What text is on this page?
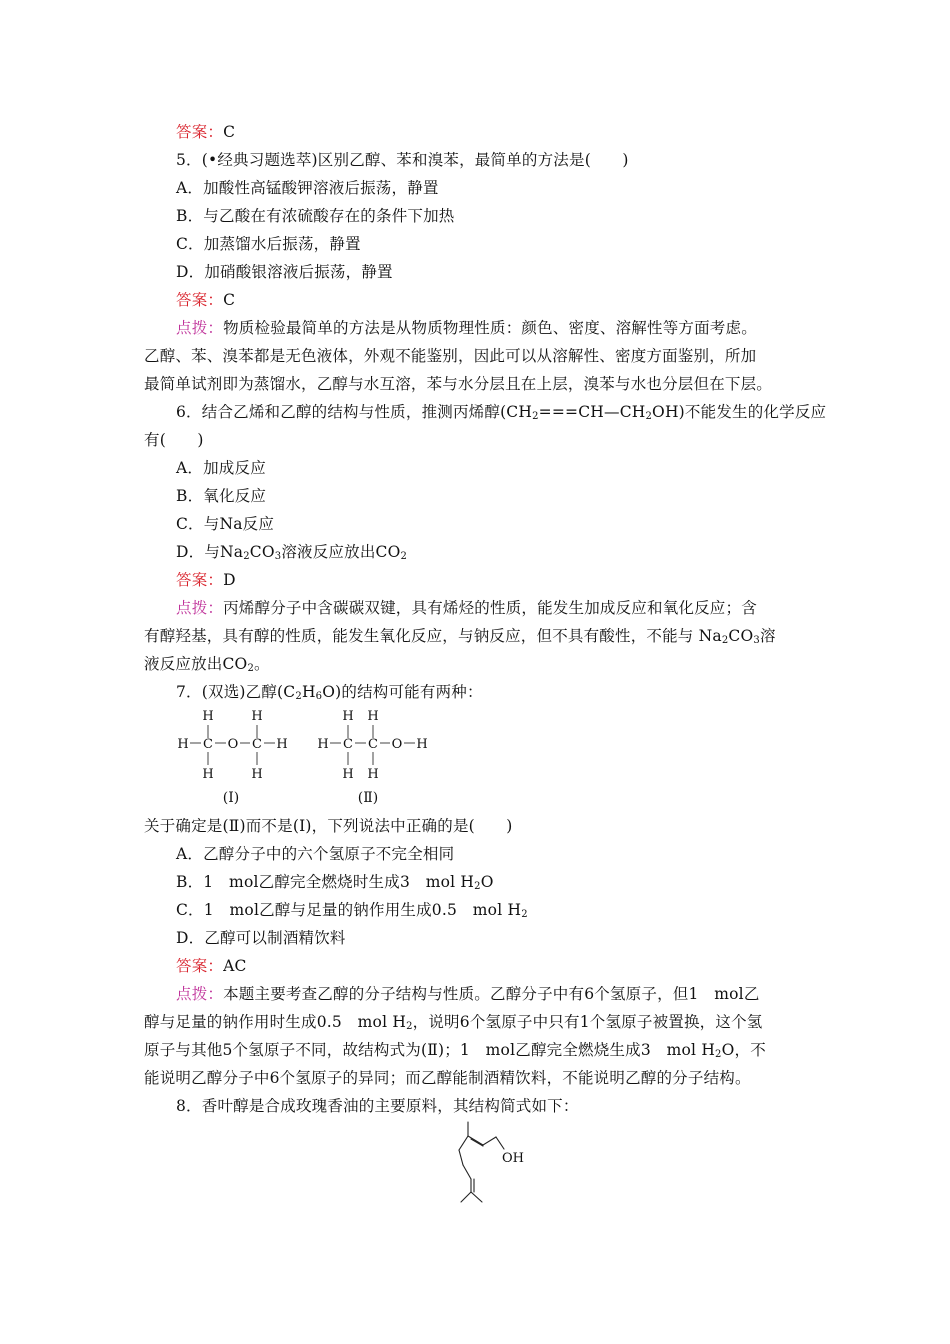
答案：C
5．(•经典习题选萃)区别乙醇、苯和溴苯，最简单的方法是(　　)
A．加酸性高锰酸钾溶液后振荡，静置
B．与乙酸在有浓硫酸存在的条件下加热
C．加蒸馏水后振荡，静置
D．加硝酸银溶液后振荡，静置
答案：C
点拨：物质检验最简单的方法是从物质物理性质：颜色、密度、溶解性等方面考虑。
乙醇、苯、溴苯都是无色液体，外观不能鉴别，因此可以从溶解性、密度方面鉴别，所加
最简单试剂即为蒸馏水，乙醇与水互溶，苯与水分层且在上层，溴苯与水也分层但在下层。
6．结合乙烯和乙醇的结构与性质，推测丙烯醇$(CH_2===CH—CH_2OH)$不能发生的化学反应
有(　　)
A．加成反应
B．氧化反应
C．与Na反应
D．与$Na_2CO_3$溶液反应放出$CO_2$
答案：D
点拨：丙烯醇分子中含碳碳双键，具有烯烃的性质，能发生加成反应和氧化反应；含
有醇羟基，具有醇的性质，能发生氧化反应，与钠反应，但不具有酸性，不能与 $Na_2CO_3$溶
液反应放出$CO_2$。
7．(双选)乙醇$(C_2H_6O)$的结构可能有两种：
H	H
H C O C H
H	H
H H
H C C O H
H H
(Ⅰ)	(Ⅱ)
关于确定是(Ⅱ)而不是(Ⅰ)，下列说法中正确的是(　　)
A．乙醇分子中的六个氢原子不完全相同
B．1　mol乙醇完全燃烧时生成3　mol $H_2O$
C．1　mol乙醇与足量的钠作用生成0.5　mol $H_2$
D．乙醇可以制酒精饮料
答案：AC
点拨：本题主要考查乙醇的分子结构与性质。乙醇分子中有6个氢原子，但1　mol乙
醇与足量的钠作用时生成0.5　mol $H_2$，说明6个氢原子中只有1个氢原子被置换，这个氢
原子与其他5个氢原子不同，故结构式为(Ⅱ)；1　mol乙醇完全燃烧生成3　mol $H_2O$，不
能说明乙醇分子中6个氢原子的异同；而乙醇能制酒精饮料，不能说明乙醇的分子结构。
8．香叶醇是合成玫瑰香油的主要原料，其结构简式如下：
OH
